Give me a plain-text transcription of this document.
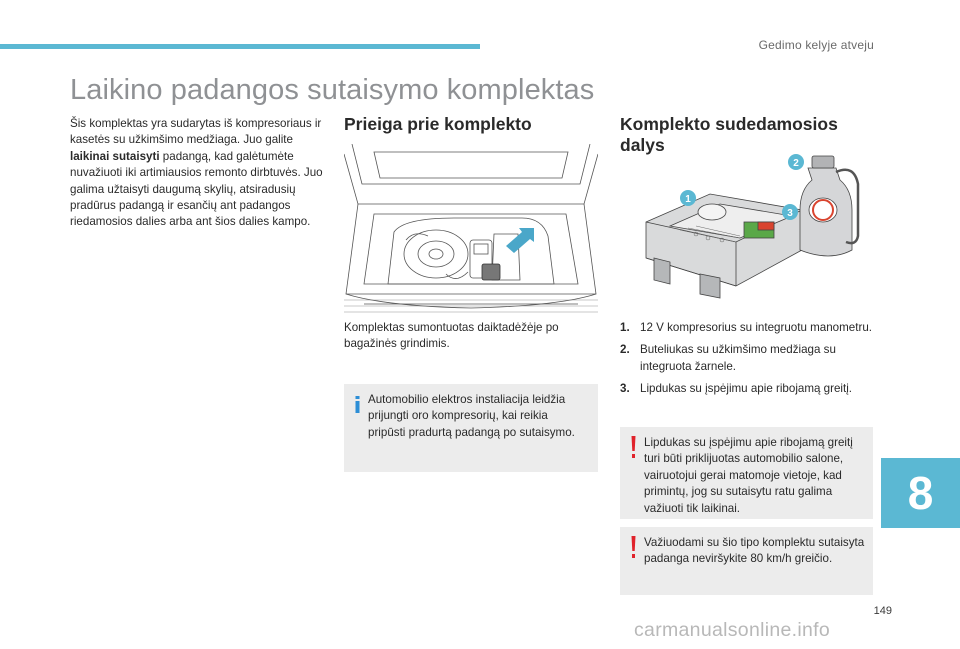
Gedimo kelyje atveju
Laikino padangos sutaisymo komplektas

Šis komplektas yra sudarytas iš kompresoriaus ir kasetės su užkimšimo medžiaga. Juo galite laikinai sutaisyti padangą, kad galėtumėte nuvažiuoti iki artimiausios remonto dirbtuvės. Juo galima užtaisyti daugumą skylių, atsiradusių pradūrus padangą ir esančių ant padangos riedamosios dalies arba ant šios dalies kampo.

Prieiga prie komplekto

Komplektas sumontuotas daiktadėžėje po bagažinės grindimis.

Automobilio elektros instaliacija leidžia prijungti oro kompresorių, kai reikia pripūsti pradurtą padangą po sutaisymo.
Komplekto sudedamosios dalys
1
2
3
1. 12 V kompresorius su integruotu manometru.
2. Buteliukas su užkimšimo medžiaga su integruota žarnele.
3. Lipdukas su įspėjimu apie ribojamą greitį.
Lipdukas su įspėjimu apie ribojamą greitį turi būti priklijuotas automobilio salone, vairuotojui gerai matomoje vietoje, kad primintų, jog su sutaisytu ratu galima važiuoti tik laikinai.
Važiuodami su šio tipo komplektu sutaisyta padanga neviršykite 80 km/h greičio.
8
149
carmanualsonline.info
